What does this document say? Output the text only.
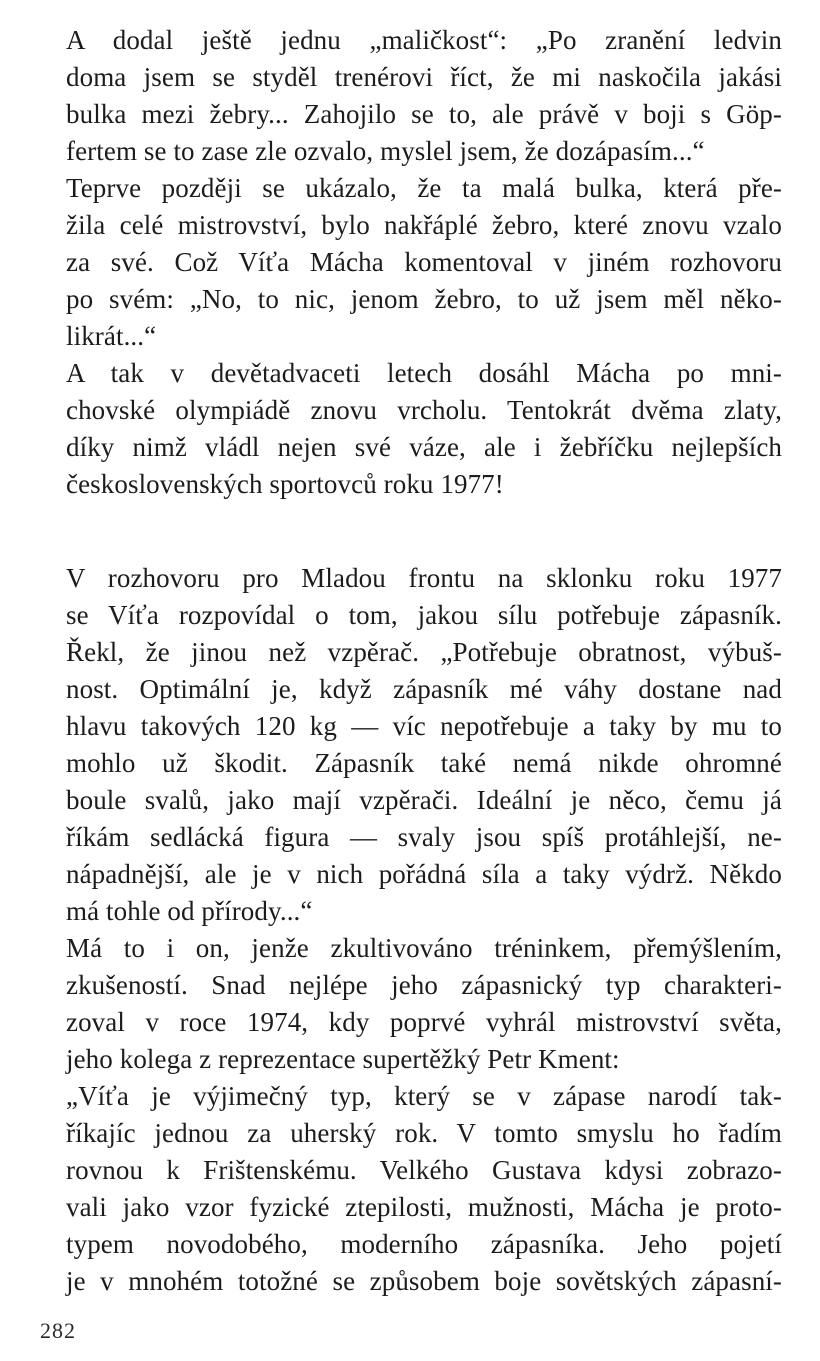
A dodal ještě jednu „maličkost“: „Po zranění ledvin
doma jsem se styděl trenérovi říct, že mi naskočila jakási
bulka mezi žebry... Zahojilo se to, ale právě v boji s Göp-
fertem se to zase zle ozvalo, myslel jsem, že dozápasím...“
Teprve později se ukázalo, že ta malá bulka, která pře-
žila celé mistrovství, bylo nakřáplé žebro, které znovu vzalo
za své. Což Víťa Mácha komentoval v jiném rozhovoru
po svém: „No, to nic, jenom žebro, to už jsem měl něko-
likrát...“
A tak v devětadvaceti letech dosáhl Mácha po mni-
chovské olympiádě znovu vrcholu. Tentokrát dvěma zlaty,
díky nimž vládl nejen své váze, ale i žebříčku nejlepších
československých sportovců roku 1977!
V rozhovoru pro Mladou frontu na sklonku roku 1977
se Víťa rozpovídal o tom, jakou sílu potřebuje zápasník.
Řekl, že jinou než vzpěrač. „Potřebuje obratnost, výbuš-
nost. Optimální je, když zápasník mé váhy dostane nad
hlavu takových 120 kg — víc nepotřebuje a taky by mu to
mohlo už škodit. Zápasník také nemá nikde ohromné
boule svalů, jako mají vzpěrači. Ideální je něco, čemu já
říkám sedlácká figura — svaly jsou spíš protáhlejší, ne-
nápadnější, ale je v nich pořádná síla a taky výdrž. Někdo
má tohle od přírody...“
Má to i on, jenže zkultivováno tréninkem, přemýšlením,
zkušeností. Snad nejlépe jeho zápasnický typ charakteri-
zoval v roce 1974, kdy poprvé vyhrál mistrovství světa,
jeho kolega z reprezentace supertěžký Petr Kment:
„Víťa je výjimečný typ, který se v zápase narodí tak-
říkajíc jednou za uherský rok. V tomto smyslu ho řadím
rovnou k Frištenskému. Velkého Gustava kdysi zobrazo-
vali jako vzor fyzické ztepilosti, mužnosti, Mácha je proto-
typem novodobého, moderního zápasníka. Jeho pojetí
je v mnohém totožné se způsobem boje sovětských zápasní-
282
